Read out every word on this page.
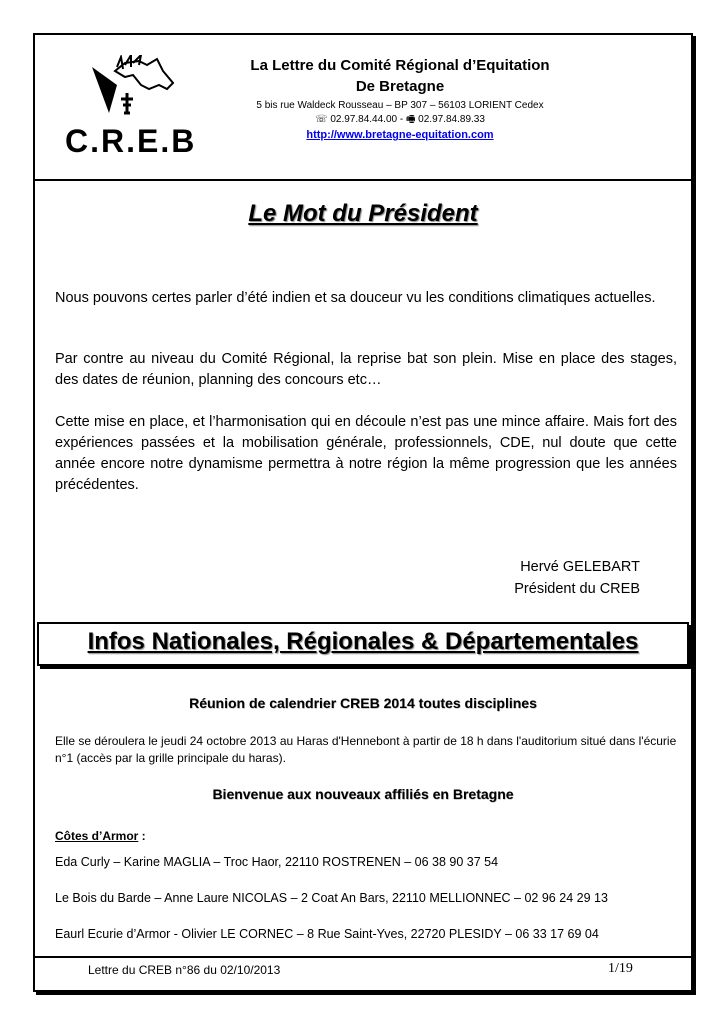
C.R.E.B
La Lettre du Comité Régional d’Equitation
De Bretagne
5 bis rue Waldeck Rousseau – BP 307 – 56103 LORIENT Cedex
☏ 02.97.84.44.00 - 🖷 02.97.84.89.33
http://www.bretagne-equitation.com
Le Mot du Président

Nous pouvons certes parler d’été indien et sa douceur vu les conditions climatiques actuelles.

Par contre au niveau du Comité Régional, la reprise bat son plein. Mise en place des stages, des dates de réunion, planning des concours etc…

Cette mise en place, et l’harmonisation qui en découle n’est pas une mince affaire. Mais fort des expériences passées et la mobilisation générale, professionnels, CDE, nul doute que cette année encore notre dynamisme permettra à notre région la même progression que les années précédentes.

Hervé GELEBART
Président du CREB
Infos Nationales, Régionales & Départementales
Réunion de calendrier CREB 2014 toutes disciplines

Elle se déroulera le jeudi 24 octobre 2013 au Haras d'Hennebont à partir de 18 h dans l'auditorium situé dans l'écurie n°1 (accès par la grille principale du haras).

Bienvenue aux nouveaux affiliés en Bretagne
Côtes d’Armor :
Eda Curly – Karine MAGLIA – Troc Haor, 22110 ROSTRENEN – 06 38 90 37 54
Le Bois du Barde – Anne Laure NICOLAS – 2 Coat An Bars, 22110 MELLIONNEC – 02 96 24 29 13
Eaurl Ecurie d’Armor - Olivier LE CORNEC – 8 Rue Saint-Yves, 22720 PLESIDY – 06 33 17 69 04
Lettre du CREB n°86 du 02/10/2013	1/19
